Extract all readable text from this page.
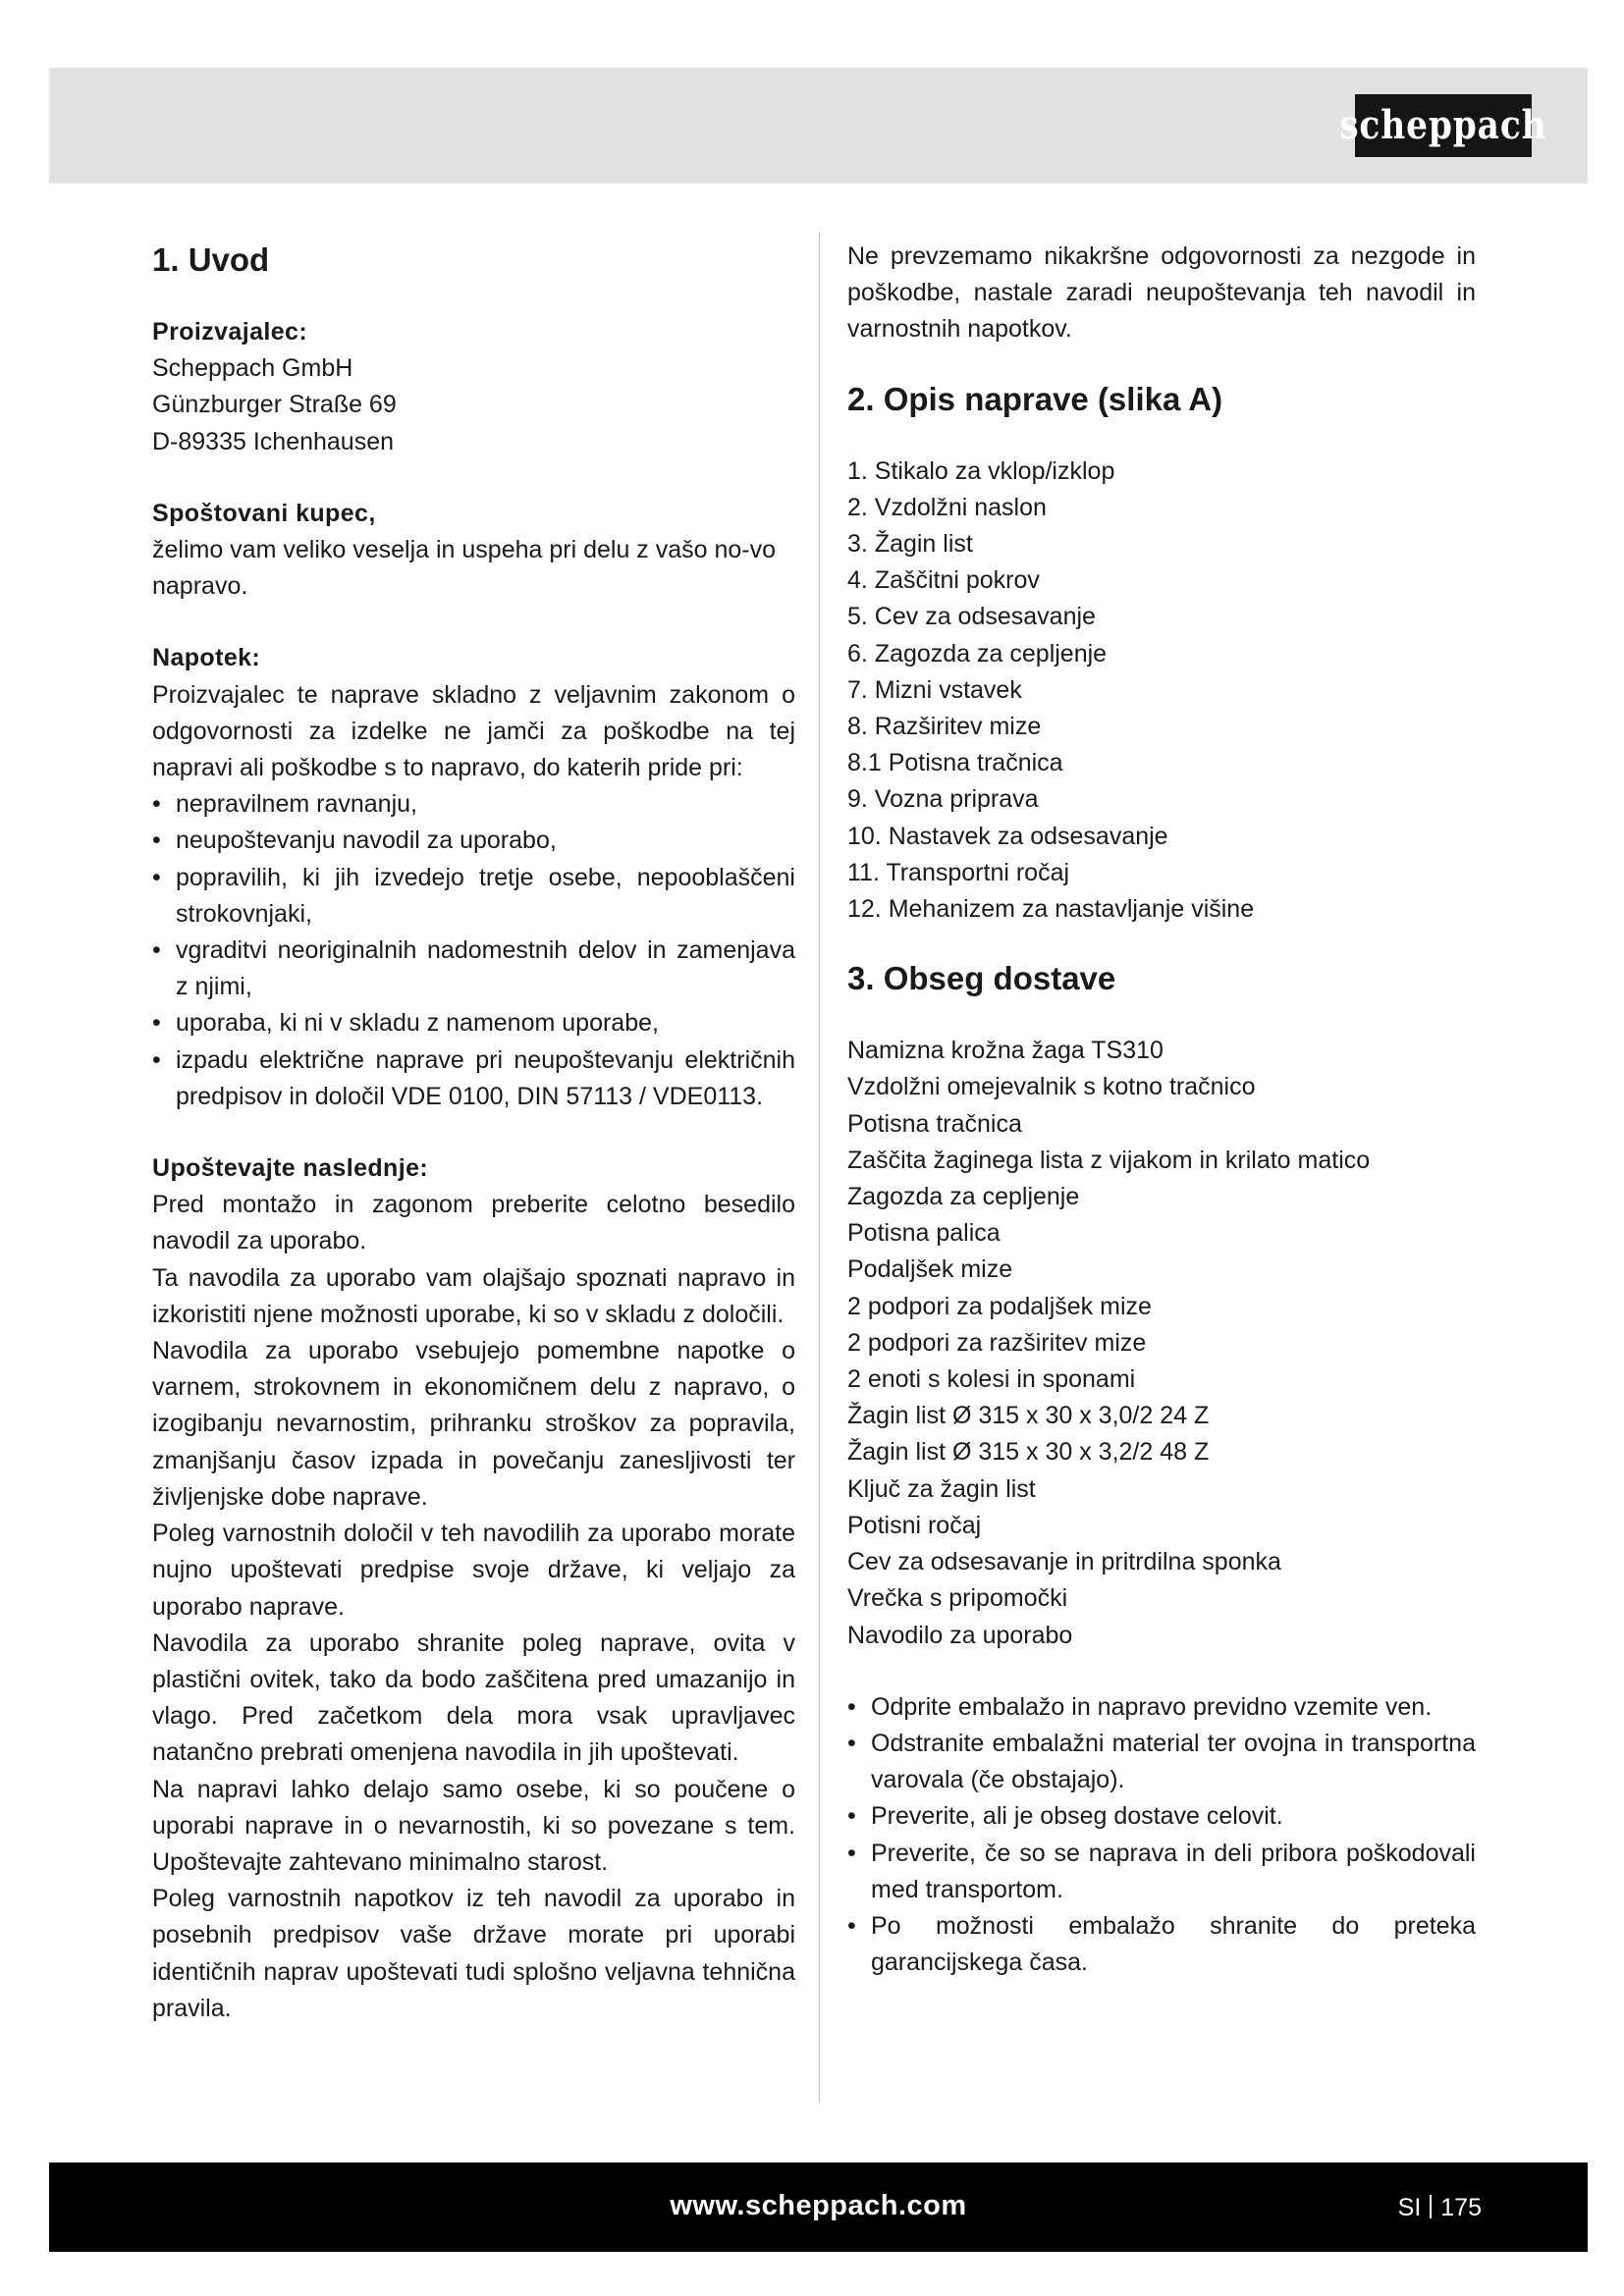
scheppach
1. Uvod
Proizvajalec:
Scheppach GmbH
Günzburger Straße 69
D-89335 Ichenhausen
Spoštovani kupec,

želimo vam veliko veselja in uspeha pri delu z vašo no-vo napravo.

Napotek:

Proizvajalec te naprave skladno z veljavnim zakonom o odgovornosti za izdelke ne jamči za poškodbe na tej napravi ali poškodbe s to napravo, do katerih pride pri:

• nepravilnem ravnanju,
• neupoštevanju navodil za uporabo,
• popravilih, ki jih izvedejo tretje osebe, nepooblaščeni strokovnjaki,
• vgraditvi neoriginalnih nadomestnih delov in zamenjava z njimi,
• uporaba, ki ni v skladu z namenom uporabe,
• izpadu električne naprave pri neupoštevanju električnih predpisov in določil VDE 0100, DIN 57113 / VDE0113.
Upoštevajte naslednje:

Pred montažo in zagonom preberite celotno besedilo navodil za uporabo.

Ta navodila za uporabo vam olajšajo spoznati napravo in izkoristiti njene možnosti uporabe, ki so v skladu z določili.

Navodila za uporabo vsebujejo pomembne napotke o varnem, strokovnem in ekonomičnem delu z napravo, o izogibanju nevarnostim, prihranku stroškov za popravila, zmanjšanju časov izpada in povečanju zanesljivosti ter življenjske dobe naprave.

Poleg varnostnih določil v teh navodilih za uporabo morate nujno upoštevati predpise svoje države, ki veljajo za uporabo naprave.

Navodila za uporabo shranite poleg naprave, ovita v plastični ovitek, tako da bodo zaščitena pred umazanijo in vlago. Pred začetkom dela mora vsak upravljavec natančno prebrati omenjena navodila in jih upoštevati.

Na napravi lahko delajo samo osebe, ki so poučene o uporabi naprave in o nevarnostih, ki so povezane s tem. Upoštevajte zahtevano minimalno starost.

Poleg varnostnih napotkov iz teh navodil za uporabo in posebnih predpisov vaše države morate pri uporabi identičnih naprav upoštevati tudi splošno veljavna tehnična pravila.

Ne prevzemamo nikakršne odgovornosti za nezgode in poškodbe, nastale zaradi neupoštevanja teh navodil in varnostnih napotkov.

2. Opis naprave (slika A)
1. Stikalo za vklop/izklop
2. Vzdolžni naslon
3. Žagin list
4. Zaščitni pokrov
5. Cev za odsesavanje
6. Zagozda za cepljenje
7. Mizni vstavek
8. Razširitev mize
8.1 Potisna tračnica
9. Vozna priprava
10. Nastavek za odsesavanje
11. Transportni ročaj
12. Mehanizem za nastavljanje višine
3. Obseg dostave
Namizna krožna žaga TS310
Vzdolžni omejevalnik s kotno tračnico
Potisna tračnica
Zaščita žaginega lista z vijakom in krilato matico
Zagozda za cepljenje
Potisna palica
Podaljšek mize
2 podpori za podaljšek mize
2 podpori za razširitev mize
2 enoti s kolesi in sponami
Žagin list Ø 315 x 30 x 3,0/2 24 Z
Žagin list Ø 315 x 30 x 3,2/2 48 Z
Ključ za žagin list
Potisni ročaj
Cev za odsesavanje in pritrdilna sponka
Vrečka s pripomočki
Navodilo za uporabo
• Odprite embalažo in napravo previdno vzemite ven.
• Odstranite embalažni material ter ovojna in transportna varovala (če obstajajo).
• Preverite, ali je obseg dostave celovit.
• Preverite, če so se naprava in deli pribora poškodovali med transportom.
• Po možnosti embalažo shranite do preteka garancijskega časa.
www.scheppach.com	SI 175
